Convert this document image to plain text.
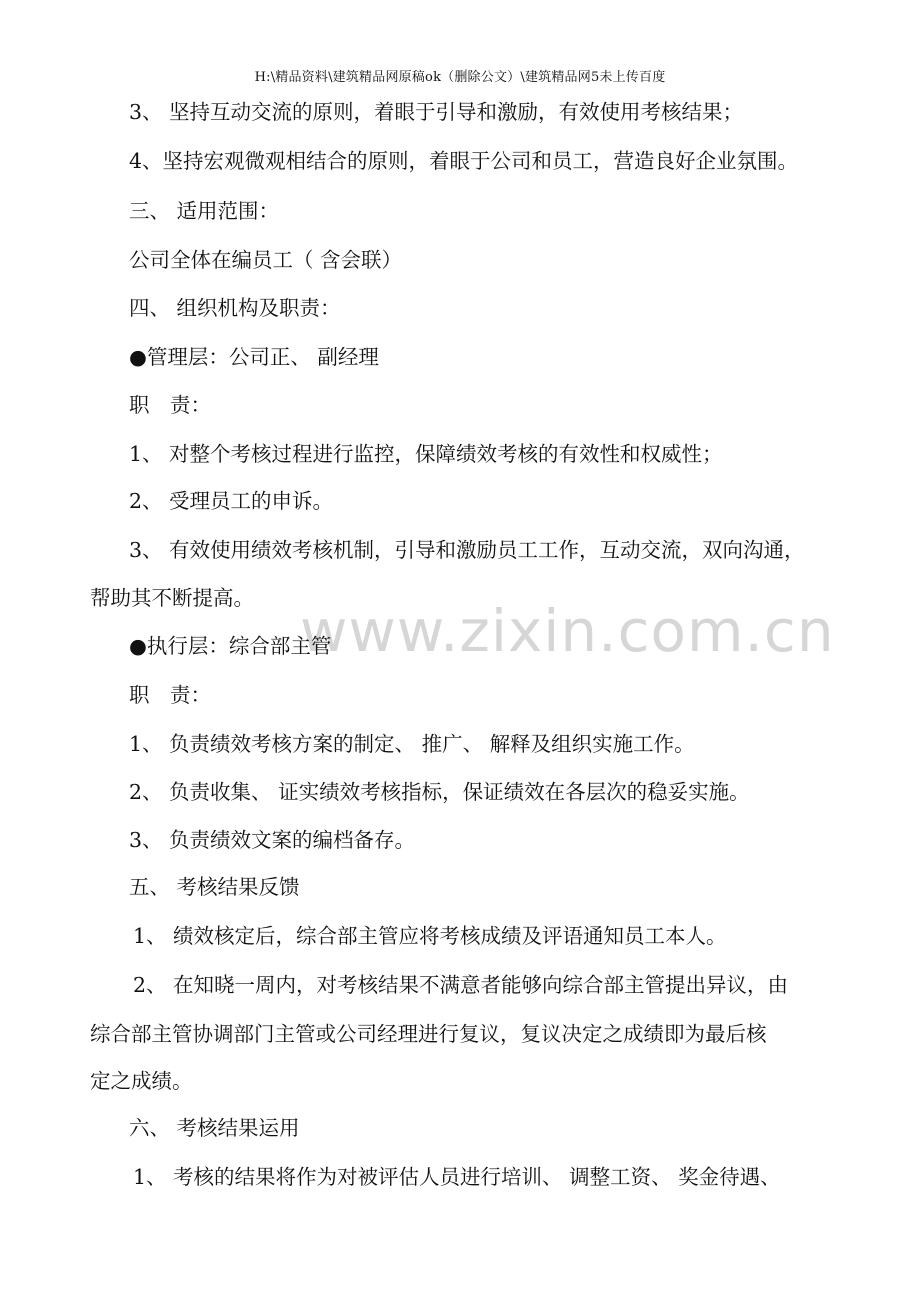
H:\精品资料\建筑精品网原稿ok（删除公文）\建筑精品网5未上传百度
www.zixin.com.cn
3、 坚持互动交流的原则，着眼于引导和激励，有效使用考核结果；
4、坚持宏观微观相结合的原则，着眼于公司和员工，营造良好企业氛围。
三、 适用范围：
公司全体在编员工（ 含会联）
四、 组织机构及职责：
●管理层：公司正、 副经理
职　责：
1、 对整个考核过程进行监控，保障绩效考核的有效性和权威性；
2、 受理员工的申诉。
3、 有效使用绩效考核机制，引导和激励员工工作，互动交流，双向沟通，
帮助其不断提高。
●执行层：综合部主管
职　责：
1、 负责绩效考核方案的制定、 推广、 解释及组织实施工作。
2、 负责收集、 证实绩效考核指标，保证绩效在各层次的稳妥实施。
3、 负责绩效文案的编档备存。
五、 考核结果反馈
1、 绩效核定后，综合部主管应将考核成绩及评语通知员工本人。
2、 在知晓一周内，对考核结果不满意者能够向综合部主管提出异议，由
综合部主管协调部门主管或公司经理进行复议，复议决定之成绩即为最后核
定之成绩。
六、 考核结果运用
1、 考核的结果将作为对被评估人员进行培训、 调整工资、 奖金待遇、
